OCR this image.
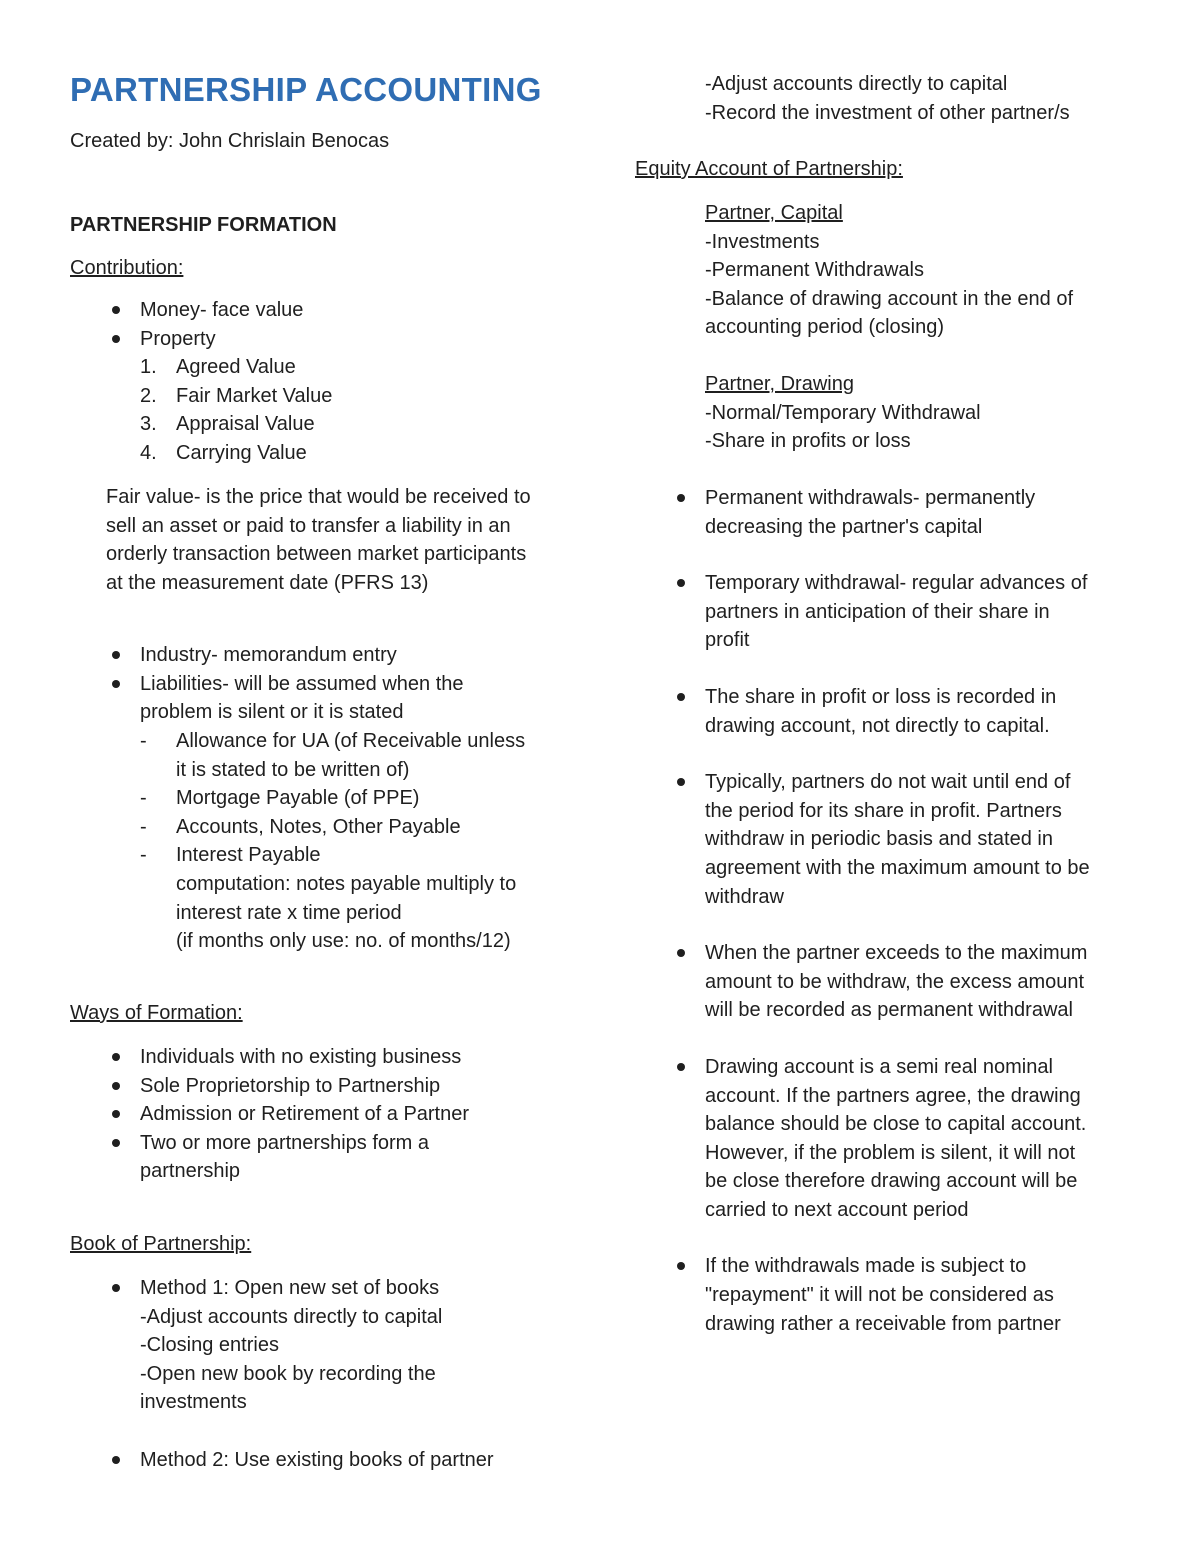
PARTNERSHIP ACCOUNTING
Created by: John Chrislain Benocas
PARTNERSHIP FORMATION
Contribution:
Money- face value
Property
1. Agreed Value
2. Fair Market Value
3. Appraisal Value
4. Carrying Value
Fair value- is the price that would be received to
sell an asset or paid to transfer a liability in an
orderly transaction between market participants
at the measurement date (PFRS 13)
Industry- memorandum entry
Liabilities- will be assumed when the
problem is silent or it is stated
- Allowance for UA (of Receivable unless
it is stated to be written of)
- Mortgage Payable (of PPE)
- Accounts, Notes, Other Payable
- Interest Payable
computation: notes payable multiply to
interest rate x time period
(if months only use: no. of months/12)
Ways of Formation:
Individuals with no existing business
Sole Proprietorship to Partnership
Admission or Retirement of a Partner
Two or more partnerships form a
partnership
Book of Partnership:
Method 1: Open new set of books
-Adjust accounts directly to capital
-Closing entries
-Open new book by recording the
investments
Method 2: Use existing books of partner
-Adjust accounts directly to capital
-Record the investment of other partner/s
Equity Account of Partnership:
Partner, Capital
-Investments
-Permanent Withdrawals
-Balance of drawing account in the end of
accounting period (closing)
Partner, Drawing
-Normal/Temporary Withdrawal
-Share in profits or loss
Permanent withdrawals- permanently
decreasing the partner's capital
Temporary withdrawal- regular advances of
partners in anticipation of their share in
profit
The share in profit or loss is recorded in
drawing account, not directly to capital.
Typically, partners do not wait until end of
the period for its share in profit. Partners
withdraw in periodic basis and stated in
agreement with the maximum amount to be
withdraw
When the partner exceeds to the maximum
amount to be withdraw, the excess amount
will be recorded as permanent withdrawal
Drawing account is a semi real nominal
account. If the partners agree, the drawing
balance should be close to capital account.
However, if the problem is silent, it will not
be close therefore drawing account will be
carried to next account period
If the withdrawals made is subject to
"repayment" it will not be considered as
drawing rather a receivable from partner
